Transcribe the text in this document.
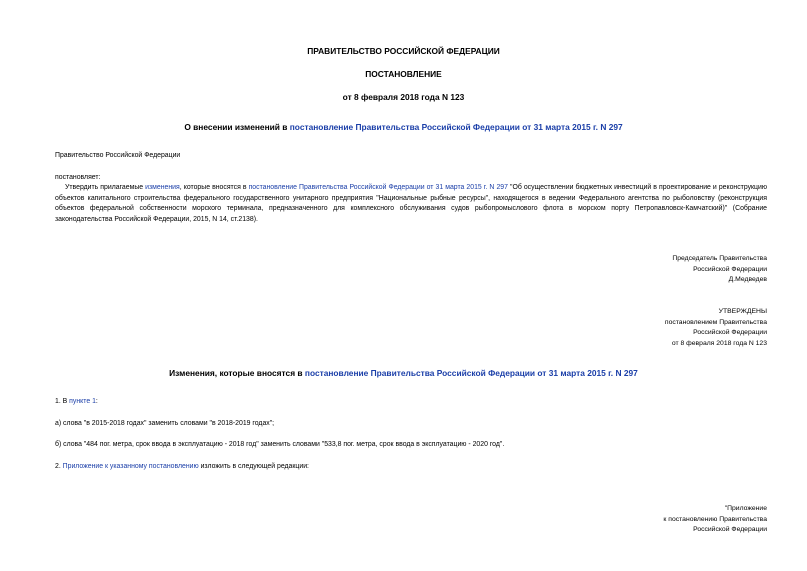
ПРАВИТЕЛЬСТВО РОССИЙСКОЙ ФЕДЕРАЦИИ
ПОСТАНОВЛЕНИЕ
от 8 февраля 2018 года N 123
О внесении изменений в постановление Правительства Российской Федерации от 31 марта 2015 г. N 297
Правительство Российской Федерации
постановляет:
Утвердить прилагаемые изменения, которые вносятся в постановление Правительства Российской Федерации от 31 марта 2015 г. N 297 "Об осуществлении бюджетных инвестиций в проектирование и реконструкцию объектов капитального строительства федерального государственного унитарного предприятия "Национальные рыбные ресурсы", находящегося в ведении Федерального агентства по рыболовству (реконструкция объектов федеральной собственности морского терминала, предназначенного для комплексного обслуживания судов рыбопромыслового флота в морском порту Петропавловск-Камчатский)" (Собрание законодательства Российской Федерации, 2015, N 14, ст.2138).
Председатель Правительства
Российской Федерации
Д.Медведев
УТВЕРЖДЕНЫ
постановлением Правительства
Российской Федерации
от 8 февраля 2018 года N 123
Изменения, которые вносятся в постановление Правительства Российской Федерации от 31 марта 2015 г. N 297
1. В пункте 1:
а) слова "в 2015-2018 годах" заменить словами "в 2018-2019 годах";
б) слова "484 пог. метра, срок ввода в эксплуатацию - 2018 год" заменить словами "533,8 пог. метра, срок ввода в эксплуатацию - 2020 год".
2. Приложение к указанному постановлению изложить в следующей редакции:
"Приложение
к постановлению Правительства
Российской Федерации
